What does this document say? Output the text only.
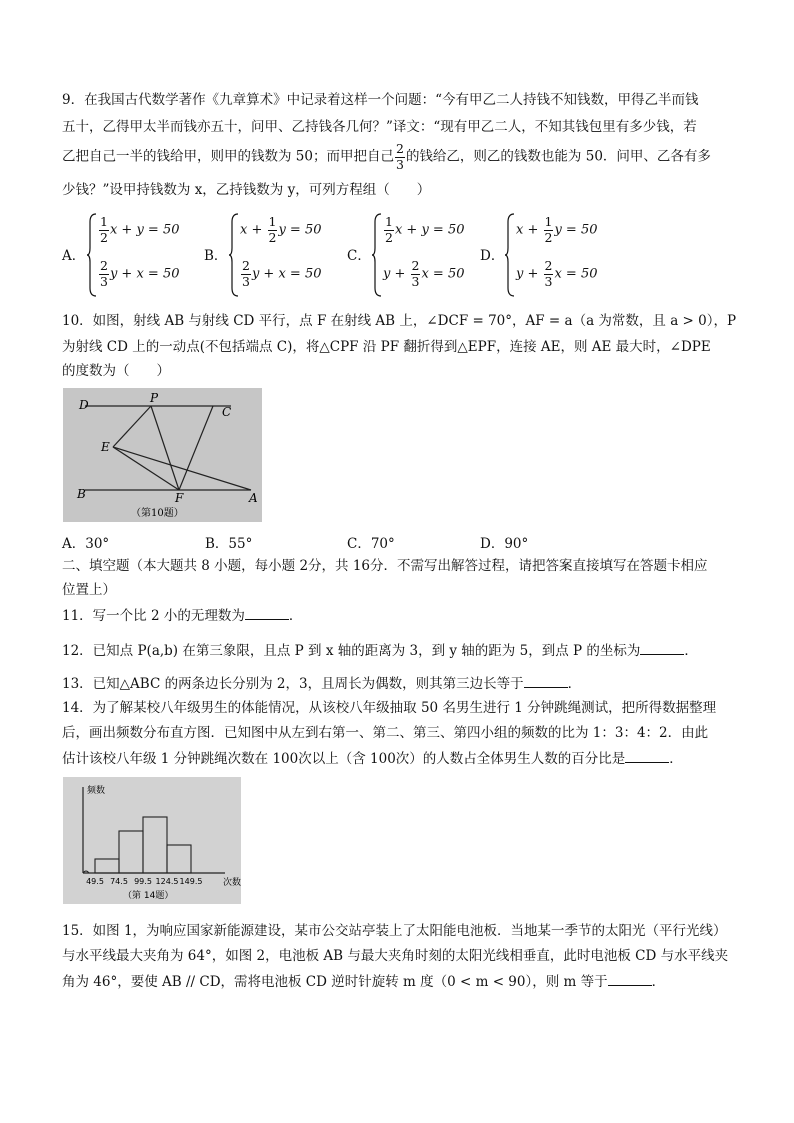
9．在我国古代数学著作《九章算术》中记录着这样一个问题：“今有甲乙二人持钱不知钱数，甲得乙半而钱
五十，乙得甲太半而钱亦五十，问甲、乙持钱各几何？”译文：“现有甲乙二人，不知其钱包里有多少钱，若
乙把自己一半的钱给甲，则甲的钱数为 50；而甲把自己 $\frac{2}{3}$ 的钱给乙，则乙的钱数也能为 50．问甲、乙各有多
少钱？”设甲持钱数为 x，乙持钱数为 y，可列方程组（　　）
A．
$\frac{1}{2}$ x + y = 50
$\frac{2}{3}$ y + x = 50
B．
$x + \frac{1}{2}$ y = 50
$\frac{2}{3}$ y + x = 50
C．
$\frac{1}{2}$ x + y = 50
$y + \frac{2}{3}$ x = 50
D．
$x + \frac{1}{2}$ y = 50
$y + \frac{2}{3}$ x = 50
10．如图，射线 AB 与射线 CD 平行，点 F 在射线 AB 上，∠DCF = 70°，AF = a（a 为常数，且 a > 0），P
为射线 CD 上的一动点(不包括端点 C)，将△CPF 沿 PF 翻折得到△EPF，连接 AE，则 AE 最大时，∠DPE
的度数为（　　）
D	P
C
E
B	F	A
（第10题）
A．30°	B．55°	C．70°	D．90°
二、填空题（本大题共 8 小题，每小题 2分，共 16分．不需写出解答过程，请把答案直接填写在答题卡相应
位置上）
11．写一个比 2 小的无理数为	．
12．已知点 P(a,b) 在第三象限，且点 P 到 x 轴的距离为 3，到 y 轴的距为 5，到点 P 的坐标为	．
13．已知△ABC 的两条边长分别为 2，3，且周长为偶数，则其第三边长等于	．
14．为了解某校八年级男生的体能情况，从该校八年级抽取 50 名男生进行 1 分钟跳绳测试，把所得数据整理
后，画出频数分布直方图．已知图中从左到右第一、第二、第三、第四小组的频数的比为 1：3：4：2．由此
估计该校八年级 1 分钟跳绳次数在 100次以上（含 100次）的人数占全体男生人数的百分比是	．
频数
次数
49.5 74.5 99.5 124.5 149.5
（第 14题）
15．如图 1，为响应国家新能源建设，某市公交站亭装上了太阳能电池板．当地某一季节的太阳光（平行光线）
与水平线最大夹角为 64°，如图 2，电池板 AB 与最大夹角时刻的太阳光线相垂直，此时电池板 CD 与水平线夹
角为 46°，要使 AB // CD，需将电池板 CD 逆时针旋转 m 度（0 < m < 90），则 m 等于	．
